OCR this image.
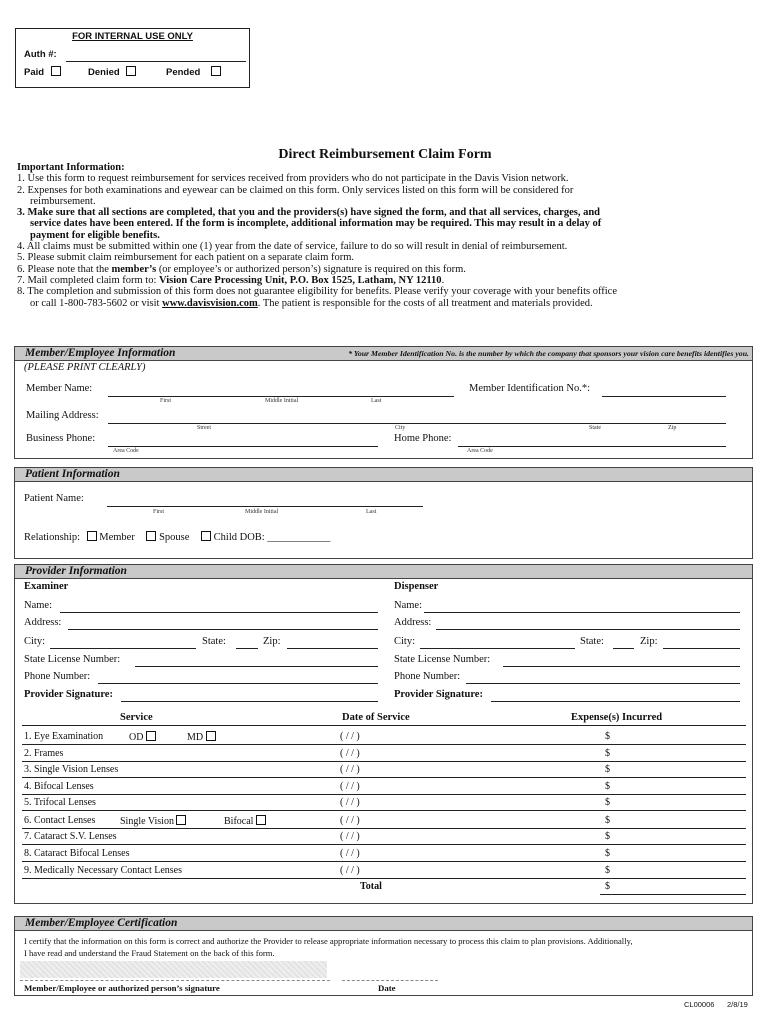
FOR INTERNAL USE ONLY
Auth #:
Paid	Denied	Pended
Direct Reimbursement Claim Form
Important Information:
1. Use this form to request reimbursement for services received from providers who do not participate in the Davis Vision network.
2. Expenses for both examinations and eyewear can be claimed on this form. Only services listed on this form will be considered for
reimbursement.
3. Make sure that all sections are completed, that you and the providers(s) have signed the form, and that all services, charges, and
service dates have been entered. If the form is incomplete, additional information may be required. This may result in a delay of
payment for eligible benefits.
4. All claims must be submitted within one (1) year from the date of service, failure to do so will result in denial of reimbursement.
5. Please submit claim reimbursement for each patient on a separate claim form.
6. Please note that the member’s (or employee’s or authorized person’s) signature is required on this form.
7. Mail completed claim form to: Vision Care Processing Unit, P.O. Box 1525, Latham, NY 12110.
8. The completion and submission of this form does not guarantee eligibility for benefits. Please verify your coverage with your benefits office
or call 1-800-783-5602 or visit www.davisvision.com. The patient is responsible for the costs of all treatment and materials provided.
Member/Employee Information	* Your Member Identification No. is the number by which the company that sponsors your vision care benefits identifies you.
(PLEASE PRINT CLEARLY)
Member Name:
First	Middle Initial	Last
Member Identification No.*:
Mailing Address:
Street	City	State	Zip
Business Phone:
Area Code
Home Phone:
Area Code
Patient Information
Patient Name:
First	Middle Initial	Last
Relationship: Member Spouse Child DOB: ____________
Provider Information
Examiner
Name:
Address:
City:	State:	Zip:
State License Number:
Phone Number:
Provider Signature:
Dispenser
Name:
Address:
City:	State:	Zip:
State License Number:
Phone Number:
Provider Signature:
Service	Date of Service	Expense(s) Incurred
1. Eye Examination	OD	MD	( / / )	$
2. Frames	( / / )	$
3. Single Vision Lenses	( / / )	$
4. Bifocal Lenses	( / / )	$
5. Trifocal Lenses	( / / )	$
6. Contact Lenses Single Vision	Bifocal	( / / )	$
7. Cataract S.V. Lenses	( / / )	$
8. Cataract Bifocal Lenses	( / / )	$
9. Medically Necessary Contact Lenses	( / / )	$
Total	$
Member/Employee Certification
I certify that the information on this form is correct and authorize the Provider to release appropriate information necessary to process this claim to plan provisions. Additionally,
I have read and understand the Fraud Statement on the back of this form.
Member/Employee or authorized person’s signature	Date
CL00006 2/8/19
